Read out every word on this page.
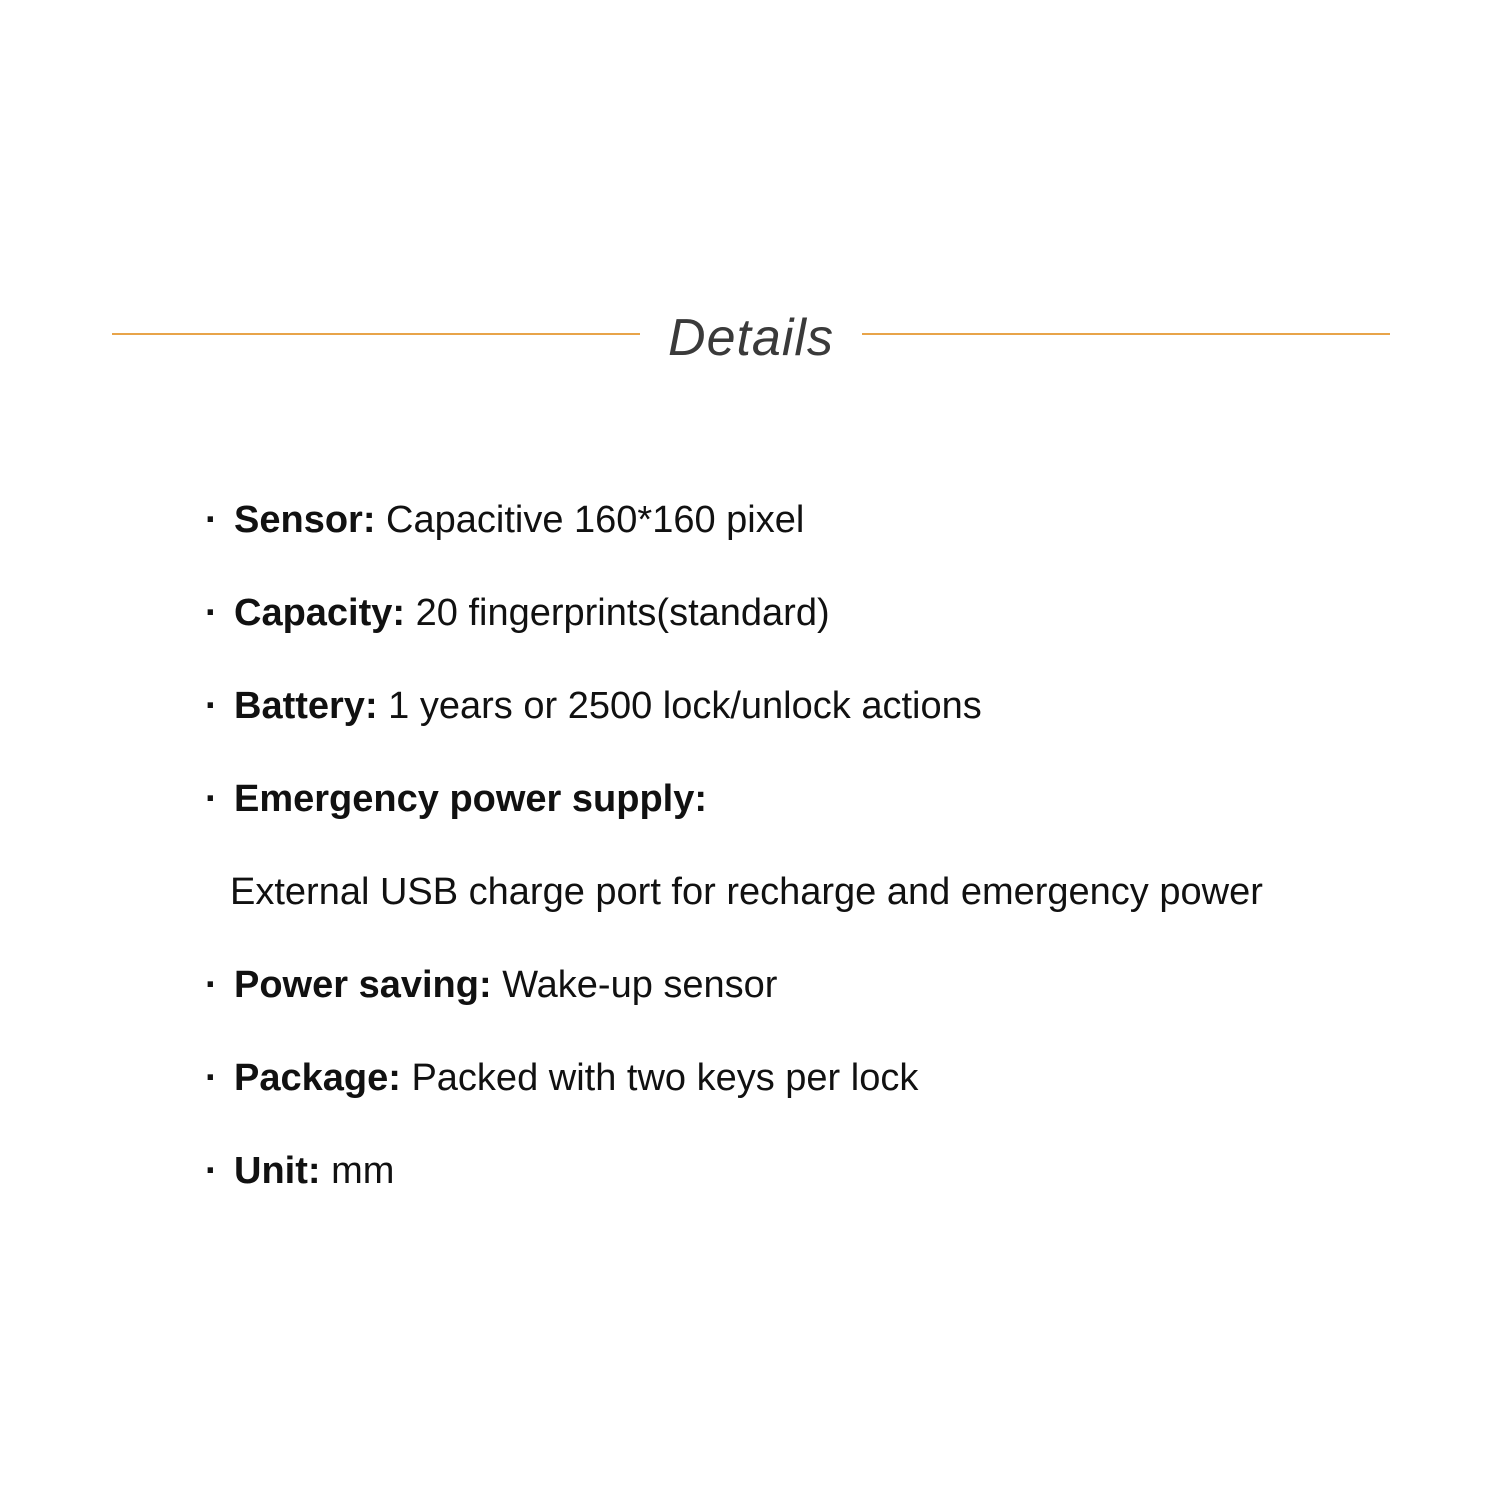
Details
· Sensor: Capacitive 160*160 pixel
· Capacity: 20 fingerprints(standard)
· Battery: 1 years or 2500 lock/unlock actions
· Emergency power supply:
External USB charge port for recharge and emergency power
· Power saving: Wake-up sensor
· Package: Packed with two keys per lock
· Unit: mm
